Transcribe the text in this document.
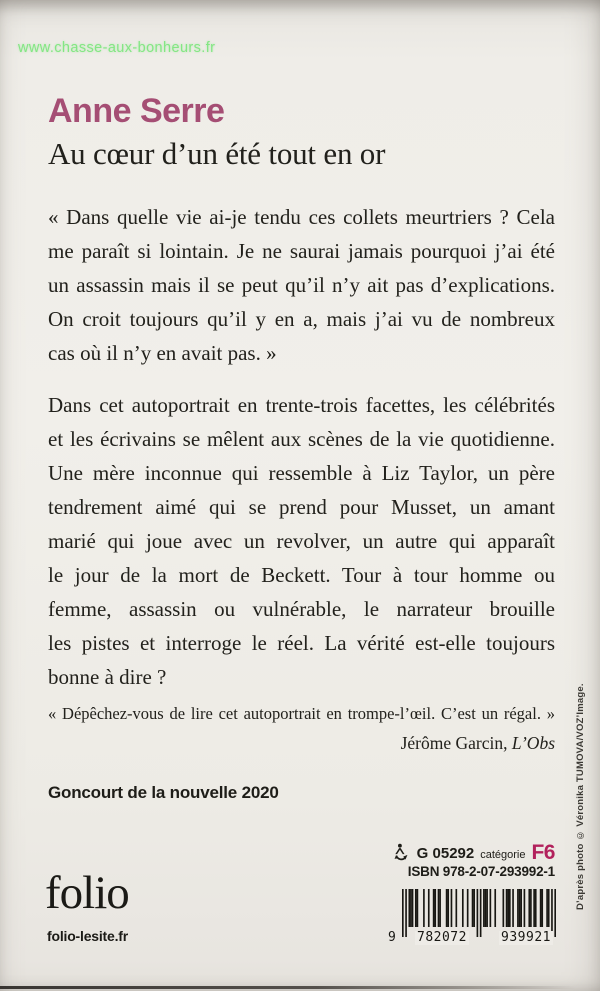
www.chasse-aux-bonheurs.fr
Anne Serre
Au cœur d’un été tout en or
« Dans quelle vie ai-je tendu ces collets meurtriers ? Cela
me paraît si lointain. Je ne saurai jamais pourquoi j’ai été
un assassin mais il se peut qu’il n’y ait pas d’explications.
On croit toujours qu’il y en a, mais j’ai vu de nombreux
cas où il n’y en avait pas. »
Dans cet autoportrait en trente-trois facettes, les célébrités
et les écrivains se mêlent aux scènes de la vie quotidienne.
Une mère inconnue qui ressemble à Liz Taylor, un père
tendrement aimé qui se prend pour Musset, un amant
marié qui joue avec un revolver, un autre qui apparaît
le jour de la mort de Beckett. Tour à tour homme ou
femme, assassin ou vulnérable, le narrateur brouille
les pistes et interroge le réel. La vérité est-elle toujours
bonne à dire ?
« Dépêchez-vous de lire cet autoportrait en trompe-l’œil. C’est un régal. »
Jérôme Garcin, L’Obs
Goncourt de la nouvelle 2020
folio
folio-lesite.fr
G 05292 catégorie F6
ISBN 978-2-07-293992-1
9 782072	939921
D’après photo © Véronika TUMOVA/VOZ’Image.
